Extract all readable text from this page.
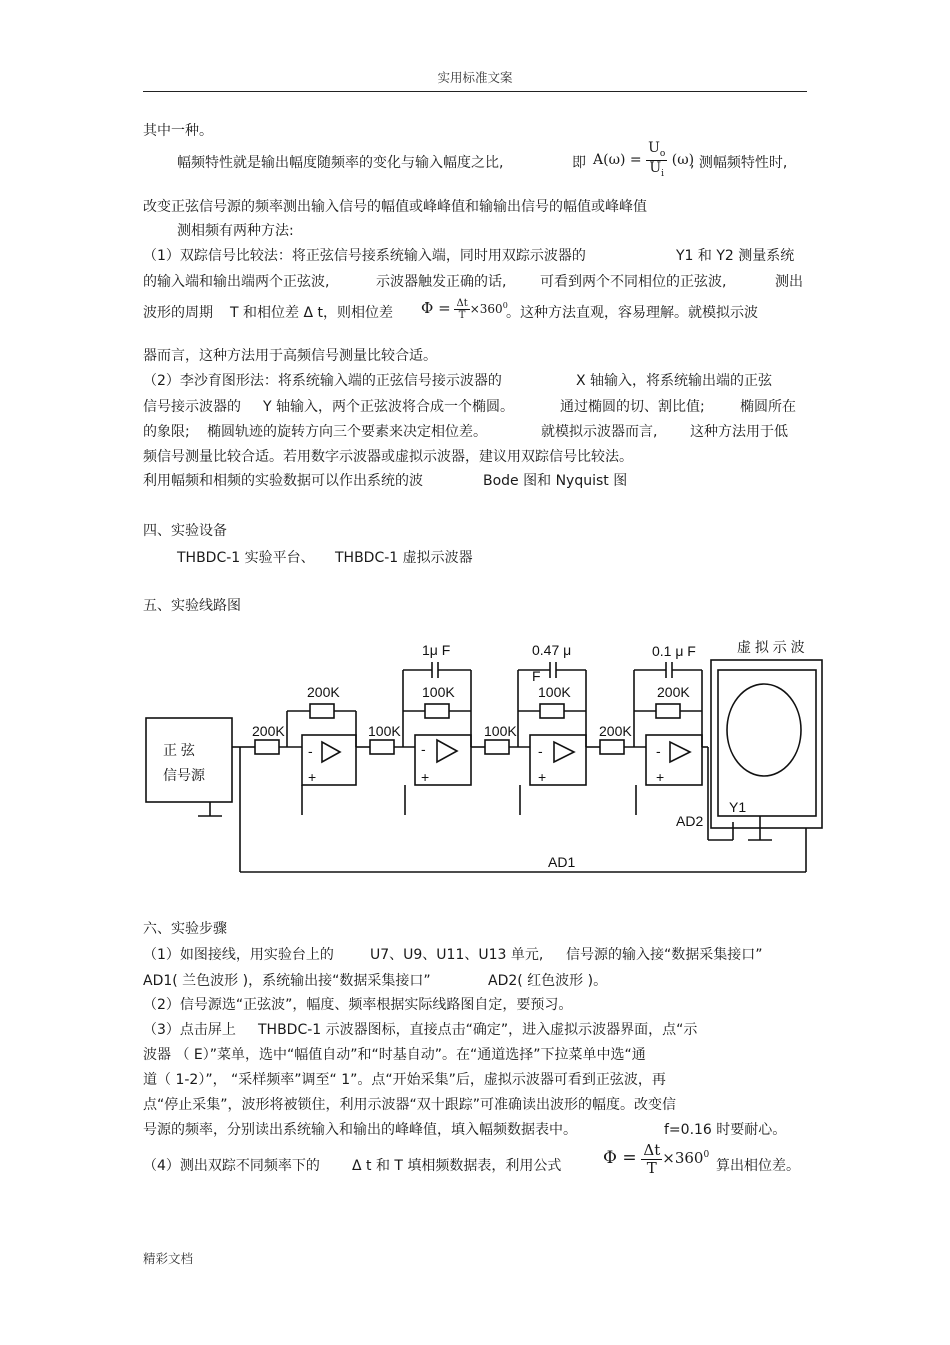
实用标准文案
其中一种。
幅频特性就是输出幅度随频率的变化与输入幅度之比,	即 $A(\omega) = \frac{U_o}{U_i} (\omega)$
, 测幅频特性时,
改变正弦信号源的频率测出输入信号的幅值或峰峰值和输输出信号的幅值或峰峰值
测相频有两种方法:
（1）双踪信号比较法：将正弦信号接系统输入端，同时用双踪示波器的	Y1 和 Y2 测量系统
的输入端和输出端两个正弦波,	示波器触发正确的话, 可看到两个不同相位的正弦波,	测出
波形的周期 T 和相位差 Δ t，则相位差 $\Phi = \frac{\Delta t}{T} \times 360^0$
。这种方法直观，容易理解。就模拟示波
器而言，这种方法用于高频信号测量比较合适。
（2）李沙育图形法：将系统输入端的正弦信号接示波器的	X 轴输入，将系统输出端的正弦
信号接示波器的 Y 轴输入，两个正弦波将合成一个椭圆。	通过椭圆的切、割比值;	椭圆所在
的象限; 椭圆轨迹的旋转方向三个要素来决定相位差。	就模拟示波器而言, 这种方法用于低
频信号测量比较合适。若用数字示波器或虚拟示波器，建议用双踪信号比较法。
利用幅频和相频的实验数据可以作出系统的波	Bode 图和 Nyquist 图
四、实验设备
THBDC-1 实验平台、 THBDC-1 虚拟示波器
五、实验线路图
正 弦
信号源
AD1
200K
-
+
200K
100K
-
+
100K
1μ F
100K
-
+
100K
0.47 μ
F
200K
-
+
200K
0.1 μ F	虚 拟 示 波
Y1
AD2
六、实验步骤
（1）如图接线，用实验台上的	U7、U9、U11、U13 单元, 信号源的输入接“数据采集接口”
AD1( 兰色波形 )，系统输出接“数据采集接口”	AD2( 红色波形 )。
（2）信号源选“正弦波”，幅度、频率根据实际线路图自定，要预习。
（3）点击屏上 THBDC-1 示波器图标，直接点击“确定”，进入虚拟示波器界面，点“示
波器 （ E）”菜单，选中“幅值自动”和“时基自动”。在“通道选择”下拉菜单中选“通
道（ 1-2）”， “采样频率”调至“ 1”。点“开始采集”后，虚拟示波器可看到正弦波，再
点“停止采集”，波形将被锁住，利用示波器“双十跟踪”可准确读出波形的幅度。改变信
号源的频率，分别读出系统输入和输出的峰峰值，填入幅频数据表中。	f=0.16 时要耐心。
（4）测出双踪不同频率下的 Δ t 和 T 填相频数据表，利用公式 $\Phi = \frac{\Delta t}{T} \times 360^0$
算出相位差。
精彩文档
